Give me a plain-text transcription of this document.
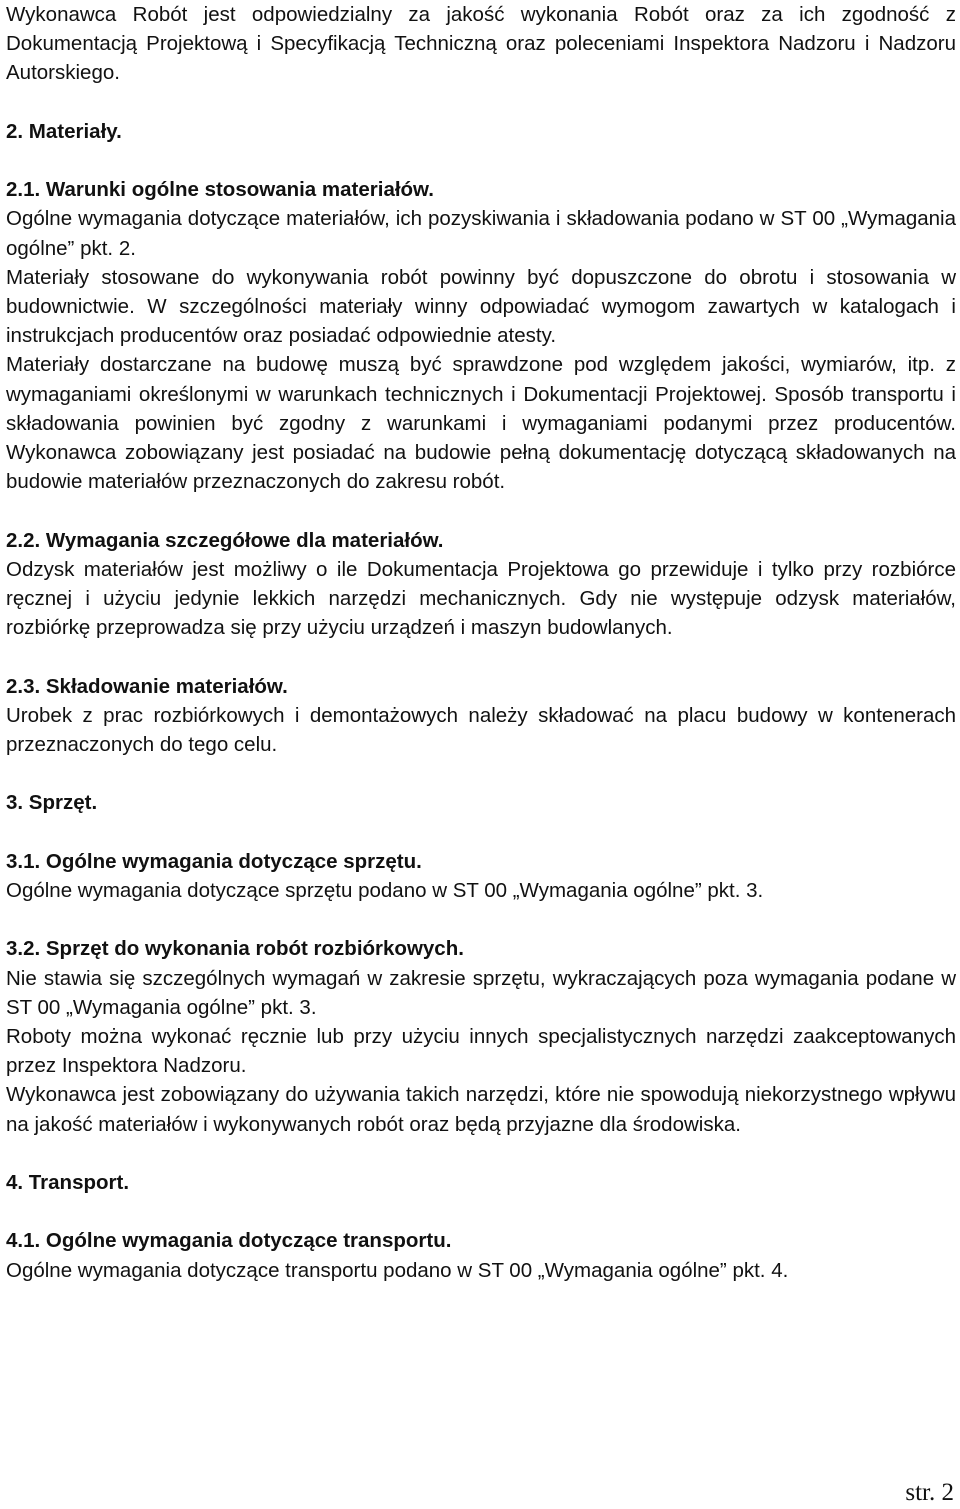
Wykonawca Robót jest odpowiedzialny za jakość wykonania Robót oraz za ich zgodność z Dokumentacją Projektową i Specyfikacją Techniczną oraz poleceniami Inspektora Nadzoru i Nadzoru Autorskiego.

2. Materiały.
2.1. Warunki ogólne stosowania materiałów.

Ogólne wymagania dotyczące materiałów, ich pozyskiwania i składowania podano w ST 00 „Wymagania ogólne” pkt. 2.

Materiały stosowane do wykonywania robót powinny być dopuszczone do obrotu i stosowania w budownictwie. W szczególności materiały winny odpowiadać wymogom zawartych w katalogach i instrukcjach producentów oraz posiadać odpowiednie atesty.

Materiały dostarczane na budowę muszą być sprawdzone pod względem jakości, wymiarów, itp. z wymaganiami określonymi w warunkach technicznych i Dokumentacji Projektowej. Sposób transportu i składowania powinien być zgodny z warunkami i wymaganiami podanymi przez producentów. Wykonawca zobowiązany jest posiadać na budowie pełną dokumentację dotyczącą składowanych na budowie materiałów przeznaczonych do zakresu robót.

2.2. Wymagania szczegółowe dla materiałów.

Odzysk materiałów jest możliwy o ile Dokumentacja Projektowa go przewiduje i tylko przy rozbiórce ręcznej i użyciu jedynie lekkich narzędzi mechanicznych. Gdy nie występuje odzysk materiałów, rozbiórkę przeprowadza się przy użyciu urządzeń i maszyn budowlanych.

2.3. Składowanie materiałów.

Urobek z prac rozbiórkowych i demontażowych należy składować na placu budowy w kontenerach przeznaczonych do tego celu.

3. Sprzęt.
3.1. Ogólne wymagania dotyczące sprzętu.

Ogólne wymagania dotyczące sprzętu podano w ST 00 „Wymagania ogólne” pkt. 3.

3.2. Sprzęt do wykonania robót rozbiórkowych.

Nie stawia się szczególnych wymagań w zakresie sprzętu, wykraczających poza wymagania podane w ST 00 „Wymagania ogólne” pkt. 3.

Roboty można wykonać ręcznie lub przy użyciu innych specjalistycznych narzędzi zaakceptowanych przez Inspektora Nadzoru.

Wykonawca jest zobowiązany do używania takich narzędzi, które nie spowodują niekorzystnego wpływu na jakość materiałów i wykonywanych robót oraz będą przyjazne dla środowiska.

4. Transport.
4.1. Ogólne wymagania dotyczące transportu.

Ogólne wymagania dotyczące transportu podano w ST 00 „Wymagania ogólne” pkt. 4.

str. 2
